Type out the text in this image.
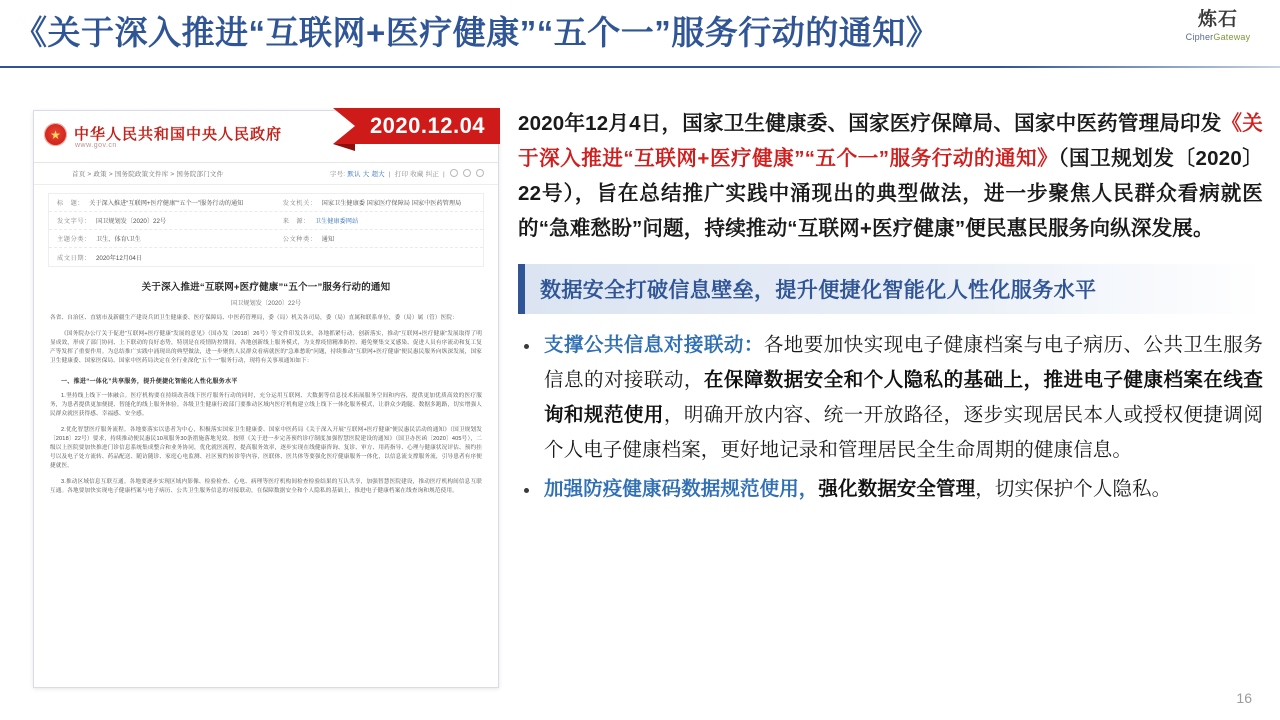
《关于深入推进“互联网+医疗健康”“五个一”服务行动的通知》	炼石
CipherGateway
★
中华人民共和国中央人民政府
www.gov.cn
首页 > 政策 > 国务院政策文件库 > 国务院部门文件	字号: 默认 大 超大  |  打印 收藏 纠正  |
标　题： 关于深入推进“互联网+医疗健康”“五个一”服务行动的通知	发文机关： 国家卫生健康委 国家医疗保障局 国家中医药管理局
发文字号： 国卫规划发〔2020〕22号	来　源： 卫生健康委网站
主题分类： 卫生、体育\卫生	公文种类： 通知
成文日期： 2020年12月04日
关于深入推进“互联网+医疗健康”“五个一”服务行动的通知
国卫规划发〔2020〕22号
各省、自治区、直辖市及新疆生产建设兵团卫生健康委、医疗保障局、中医药管理局，委（局）机关各司局，委（局）直属和联系单位，委（局）属（管）医院：
《国务院办公厅关于促进“互联网+医疗健康”发展的意见》（国办发〔2018〕26号）等文件印发以来，各地抓紧行动、创新落实，推动“互联网+医疗健康”发展取得了明显成效，形成了部门协同、上下联动的良好态势，特别是在疫情防控期间，各地创新线上服务模式，为支撑疫情精准防控、避免聚集交叉感染、促进人员有序流动和复工复产等发挥了重要作用。为总结推广实践中涌现出的典型做法，进一步聚焦人民群众看病就医的“急难愁盼”问题，持续推动“互联网+医疗健康”便民惠民服务向纵深发展，国家卫生健康委、国家医保局、国家中医药局决定在全行业深化“五个一”服务行动，现将有关事项通知如下：
一、推进“一体化”共享服务，提升便捷化智能化人性化服务水平
1.坚持线上线下一体融合。医疗机构要在持续改善线下医疗服务行动的同时，充分运用互联网、大数据等信息技术拓展服务空间和内容，提供更加优质高效的医疗服务，为患者提供更加便捷、智能化的线上服务体验。各级卫生健康行政部门要推动区域内医疗机构建立线上线下一体化服务模式，让群众少跑腿、数据多跑路，切实增强人民群众就医获得感、幸福感、安全感。
2.优化智慧医疗服务流程。各地要落实以患者为中心，积极落实国家卫生健康委、国家中医药局《关于深入开展“互联网+医疗健康”便民惠民活动的通知》（国卫规划发〔2018〕22号）要求，持续推动便民惠民10项服务30条措施落地见效。按照《关于进一步完善预约诊疗制度加强智慧医院建设的通知》（国卫办医函〔2020〕405号），二级以上医院要加快推进门诊信息系统集成整合和业务协同，优化就医流程，提高服务效率，逐步实现在线健康咨询、复诊、审方、用药指导、心理与健康状况评估、预约挂号以及电子处方流转、药品配送、随访随诊、家庭心电监测、社区预约转诊等内容，医联体、医共体等要强化医疗健康服务一体化，以信息流支撑服务流，引导患者有序便捷就医。
3.推动区域信息互联互通。各地要逐步实现区域内影像、检验检查、心电、病理等医疗机构间检查检验结果的互认共享，加强智慧医院建设，推动医疗机构间信息互联互通。各地要加快实现电子健康档案与电子病历、公共卫生服务信息的对接联动，在保障数据安全和个人隐私的基础上，推进电子健康档案在线查询和规范使用。
2020.12.04	2020年12月4日，国家卫生健康委、国家医疗保障局、国家中医药管理局印发《关于深入推进“互联网+医疗健康”“五个一”服务行动的通知》（国卫规划发〔2020〕22号），旨在总结推广实践中涌现出的典型做法，进一步聚焦人民群众看病就医的“急难愁盼”问题，持续推动“互联网+医疗健康”便民惠民服务向纵深发展。
数据安全打破信息壁垒，提升便捷化智能化人性化服务水平
支撑公共信息对接联动：各地要加快实现电子健康档案与电子病历、公共卫生服务信息的对接联动，在保障数据安全和个人隐私的基础上，推进电子健康档案在线查询和规范使用，明确开放内容、统一开放路径，逐步实现居民本人或授权便捷调阅个人电子健康档案，更好地记录和管理居民全生命周期的健康信息。
加强防疫健康码数据规范使用，强化数据安全管理，切实保护个人隐私。
16
